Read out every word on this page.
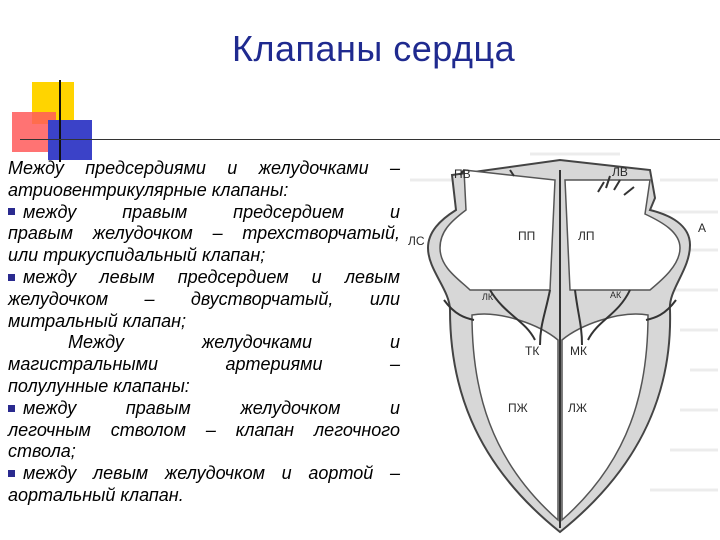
Клапаны сердца

Между предсердиями и желудочками –

атриовентрикулярные клапаны:

между правым предсердием и

правым желудочком – трехстворчатый,

или трикуспидальный клапан;

между левым предсердием и левым

желудочком – двустворчатый, или

митральный клапан;

Между желудочками и

магистральными артериями –

полулунные клапаны:

между правым желудочком и

легочным стволом – клапан легочного

ствола;

между левым желудочком и аортой –

аортальный клапан.

ПВ	ЛВ
А
ЛС	ПП	ЛП
ЛК	АК
ТК	МК
ПЖ	ЛЖ
